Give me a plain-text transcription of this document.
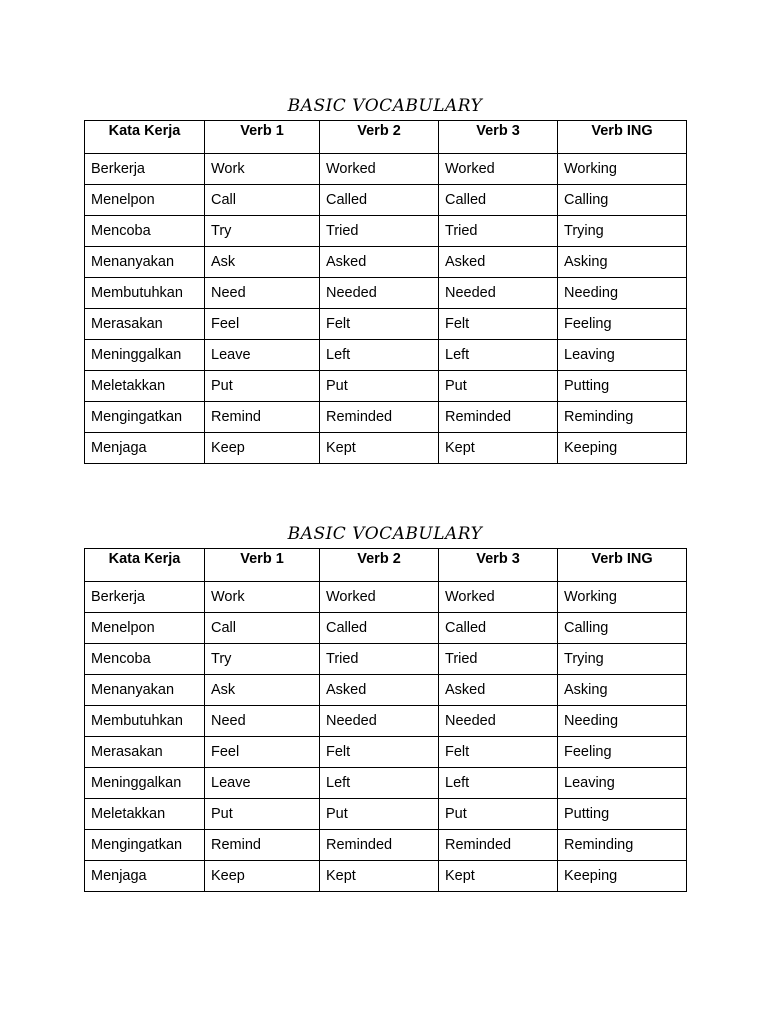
BASIC VOCABULARY
Kata Kerja	Verb 1	Verb 2	Verb 3	Verb ING
Berkerja	Work	Worked	Worked	Working
Menelpon	Call	Called	Called	Calling
Mencoba	Try	Tried	Tried	Trying
Menanyakan	Ask	Asked	Asked	Asking
Membutuhkan	Need	Needed	Needed	Needing
Merasakan	Feel	Felt	Felt	Feeling
Meninggalkan	Leave	Left	Left	Leaving
Meletakkan	Put	Put	Put	Putting
Mengingatkan	Remind	Reminded	Reminded	Reminding
Menjaga	Keep	Kept	Kept	Keeping
BASIC VOCABULARY
Kata Kerja	Verb 1	Verb 2	Verb 3	Verb ING
Berkerja	Work	Worked	Worked	Working
Menelpon	Call	Called	Called	Calling
Mencoba	Try	Tried	Tried	Trying
Menanyakan	Ask	Asked	Asked	Asking
Membutuhkan	Need	Needed	Needed	Needing
Merasakan	Feel	Felt	Felt	Feeling
Meninggalkan	Leave	Left	Left	Leaving
Meletakkan	Put	Put	Put	Putting
Mengingatkan	Remind	Reminded	Reminded	Reminding
Menjaga	Keep	Kept	Kept	Keeping
